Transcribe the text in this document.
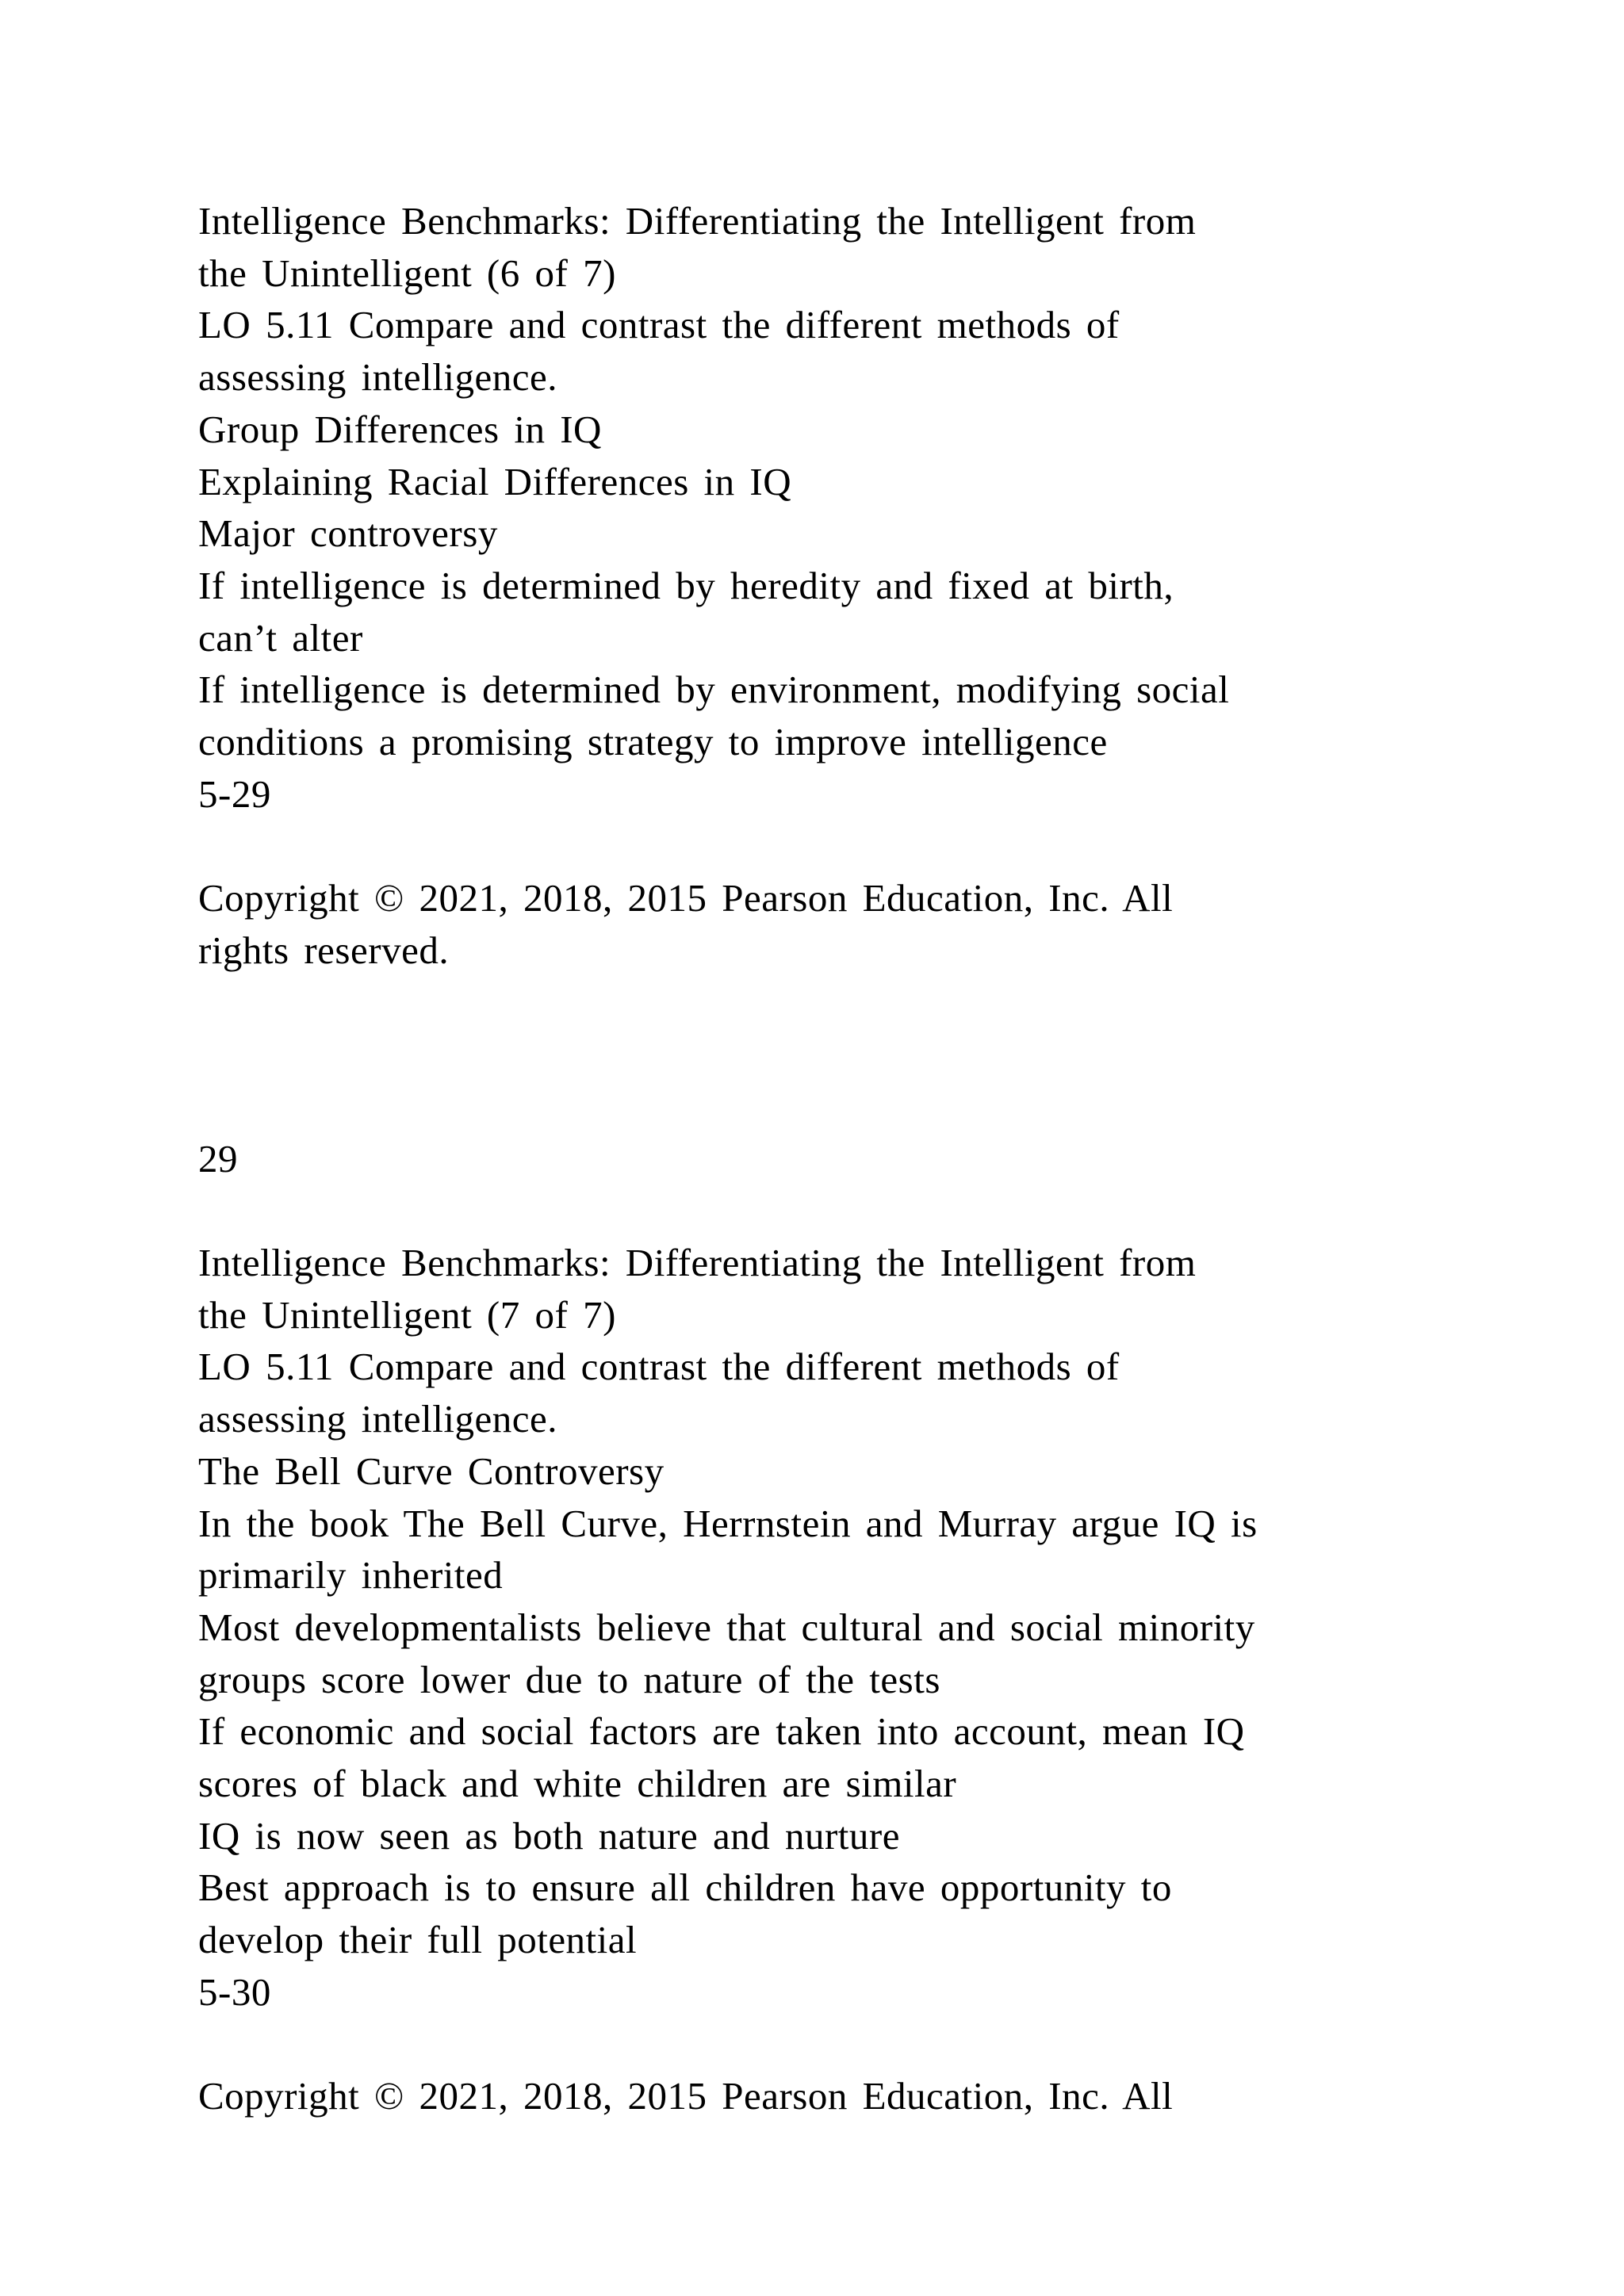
Intelligence Benchmarks: Differentiating the Intelligent from
the Unintelligent (6 of 7)
LO 5.11 Compare and contrast the different methods of
assessing intelligence.
Group Differences in IQ
Explaining Racial Differences in IQ
Major controversy
If intelligence is determined by heredity and fixed at birth,
can’t alter
If intelligence is determined by environment, modifying social
conditions a promising strategy to improve intelligence
5-29
Copyright © 2021, 2018, 2015 Pearson Education, Inc. All
rights reserved.
29
Intelligence Benchmarks: Differentiating the Intelligent from
the Unintelligent (7 of 7)
LO 5.11 Compare and contrast the different methods of
assessing intelligence.
The Bell Curve Controversy
In the book The Bell Curve, Herrnstein and Murray argue IQ is
primarily inherited
Most developmentalists believe that cultural and social minority
groups score lower due to nature of the tests
If economic and social factors are taken into account, mean IQ
scores of black and white children are similar
IQ is now seen as both nature and nurture
Best approach is to ensure all children have opportunity to
develop their full potential
5-30
Copyright © 2021, 2018, 2015 Pearson Education, Inc. All
